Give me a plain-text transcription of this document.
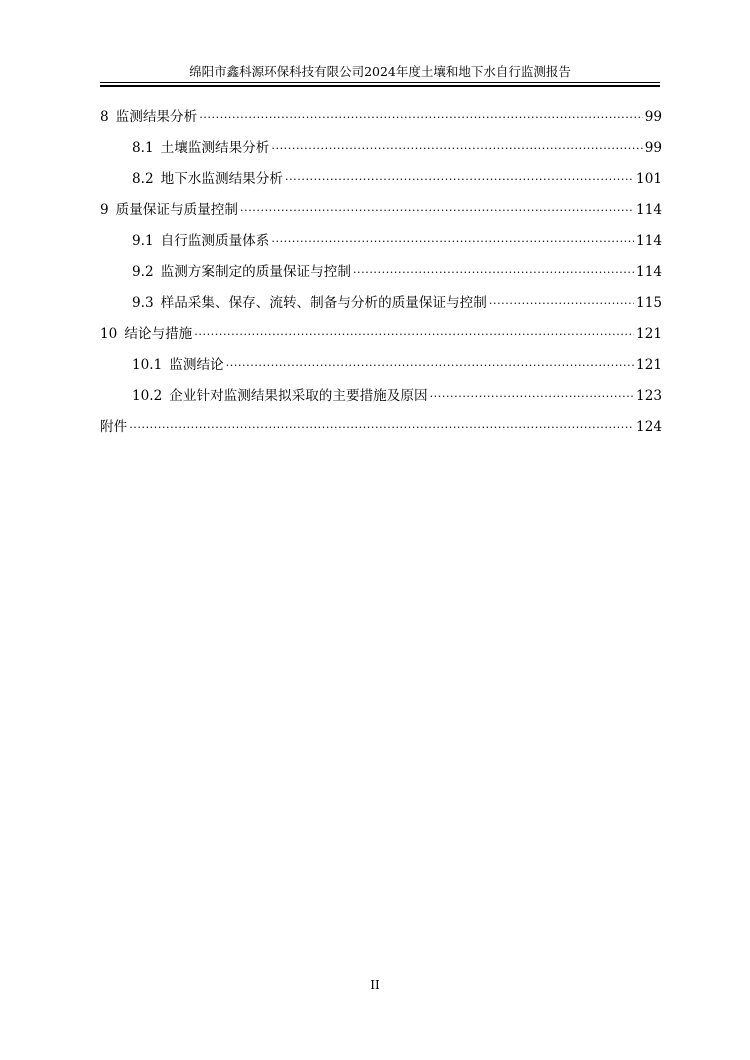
绵阳市鑫科源环保科技有限公司2024年度土壤和地下水自行监测报告
8 监测结果分析 .....	99
8.1 土壤监测结果分析 .....	99
8.2 地下水监测结果分析 .....	101
9 质量保证与质量控制 .....	114
9.1 自行监测质量体系 .....	114
9.2 监测方案制定的质量保证与控制 .....	114
9.3 样品采集、保存、流转、制备与分析的质量保证与控制 .....	115
10 结论与措施 .....	121
10.1 监测结论 .....	121
10.2 企业针对监测结果拟采取的主要措施及原因 .....	123
附件 .....	124
II
